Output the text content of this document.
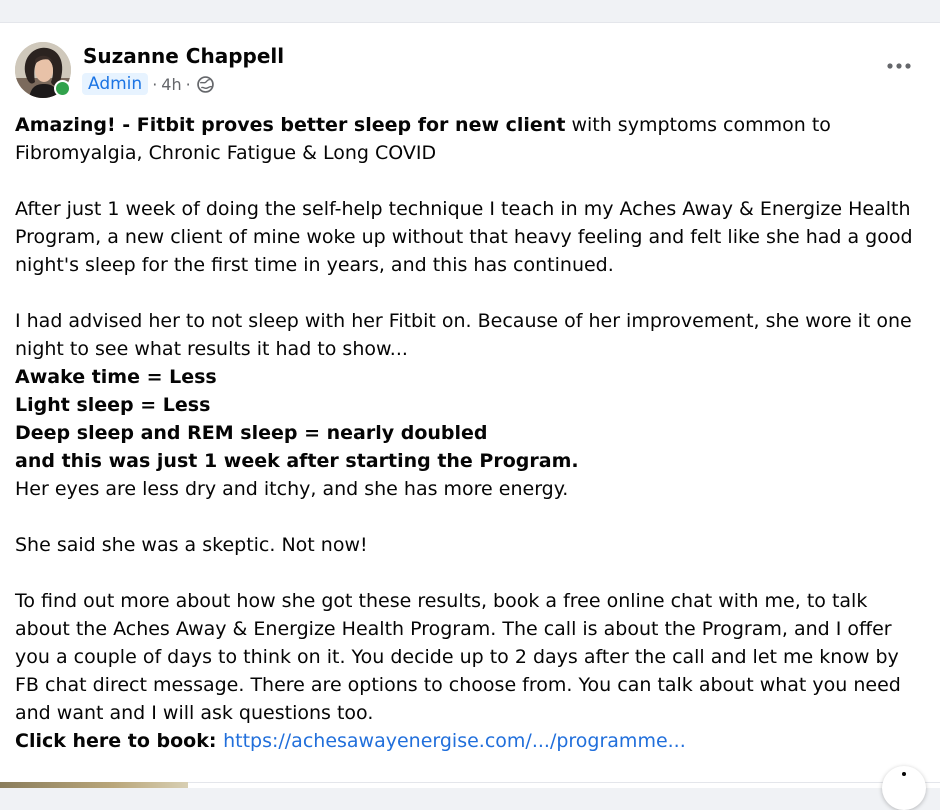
Suzanne Chappell
Admin · 4h ·

Amazing! - Fitbit proves better sleep for new client with symptoms common to Fibromyalgia, Chronic Fatigue & Long COVID

After just 1 week of doing the self-help technique I teach in my Aches Away & Energize Health Program, a new client of mine woke up without that heavy feeling and felt like she had a good night's sleep for the first time in years, and this has continued.

I had advised her to not sleep with her Fitbit on. Because of her improvement, she wore it one night to see what results it had to show...

Awake time = Less

Light sleep = Less

Deep sleep and REM sleep = nearly doubled

and this was just 1 week after starting the Program.

Her eyes are less dry and itchy, and she has more energy.

She said she was a skeptic. Not now!

To find out more about how she got these results, book a free online chat with me, to talk about the Aches Away & Energize Health Program. The call is about the Program, and I offer you a couple of days to think on it. You decide up to 2 days after the call and let me know by FB chat direct message. There are options to choose from. You can talk about what you need and want and I will ask questions too.

Click here to book: https://achesawayenergise.com/.../programme...
